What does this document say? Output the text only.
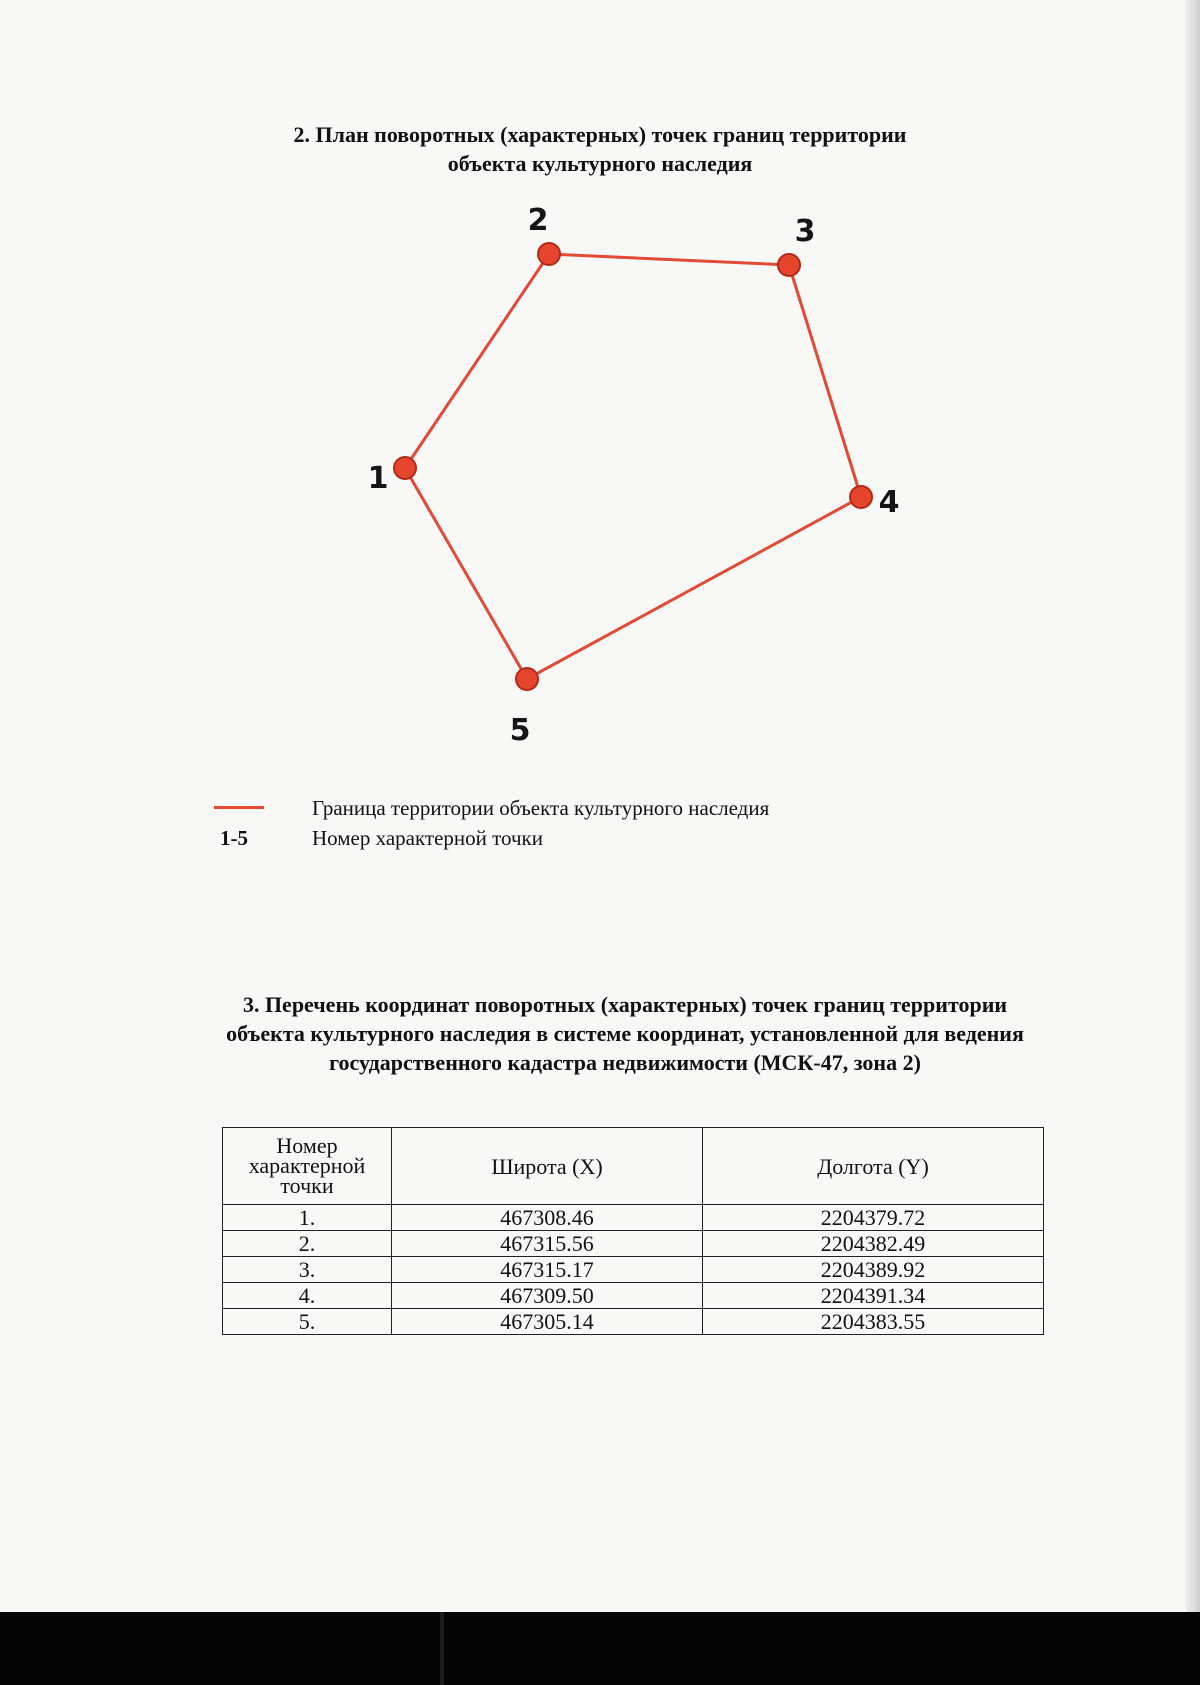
2. План поворотных (характерных) точек границ территории
объекта культурного наследия
1
2	3
4
5
Граница территории объекта культурного наследия
1-5	Номер характерной точки
3. Перечень координат поворотных (характерных) точек границ территории
объекта культурного наследия в системе координат, установленной для ведения
государственного кадастра недвижимости (МСК-47, зона 2)
Номер
характерной
точки	Широта (X)	Долгота (Y)
1.	467308.46	2204379.72
2.	467315.56	2204382.49
3.	467315.17	2204389.92
4.	467309.50	2204391.34
5.	467305.14	2204383.55
